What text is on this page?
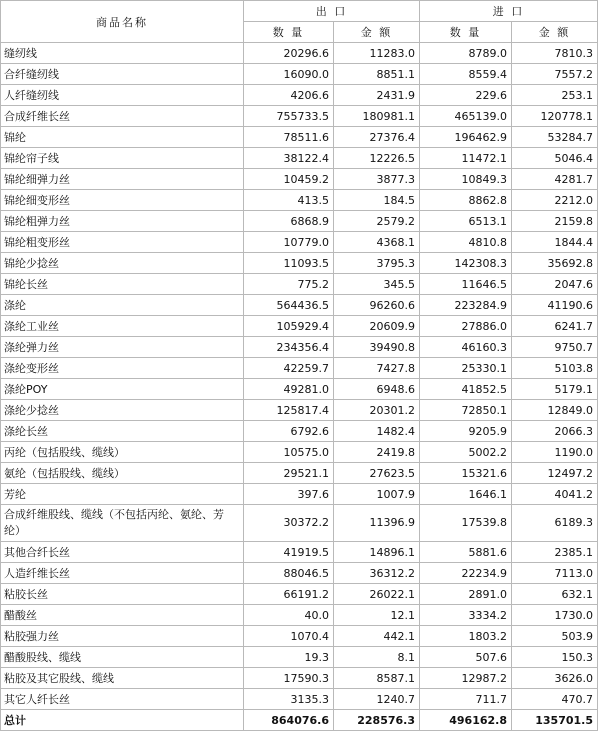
商品名称	出 口		进 口	
	数 量	金 额	数 量	金 额
缝纫线	20296.6	11283.0	8789.0	7810.3
合纤缝纫线	16090.0	8851.1	8559.4	7557.2
人纤缝纫线	4206.6	2431.9	229.6	253.1
合成纤维长丝	755733.5	180981.1	465139.0	120778.1
锦纶	78511.6	27376.4	196462.9	53284.7
锦纶帘子线	38122.4	12226.5	11472.1	5046.4
锦纶细弹力丝	10459.2	3877.3	10849.3	4281.7
锦纶细变形丝	413.5	184.5	8862.8	2212.0
锦纶粗弹力丝	6868.9	2579.2	6513.1	2159.8
锦纶粗变形丝	10779.0	4368.1	4810.8	1844.4
锦纶少捻丝	11093.5	3795.3	142308.3	35692.8
锦纶长丝	775.2	345.5	11646.5	2047.6
涤纶	564436.5	96260.6	223284.9	41190.6
涤纶工业丝	105929.4	20609.9	27886.0	6241.7
涤纶弹力丝	234356.4	39490.8	46160.3	9750.7
涤纶变形丝	42259.7	7427.8	25330.1	5103.8
涤纶POY	49281.0	6948.6	41852.5	5179.1
涤纶少捻丝	125817.4	20301.2	72850.1	12849.0
涤纶长丝	6792.6	1482.4	9205.9	2066.3
丙纶（包括股线、缆线）	10575.0	2419.8	5002.2	1190.0
氨纶（包括股线、缆线）	29521.1	27623.5	15321.6	12497.2
芳纶	397.6	1007.9	1646.1	4041.2
合成纤维股线、缆线（不包括丙纶、氨纶、芳纶）	30372.2	11396.9	17539.8	6189.3
其他合纤长丝	41919.5	14896.1	5881.6	2385.1
人造纤维长丝	88046.5	36312.2	22234.9	7113.0
粘胶长丝	66191.2	26022.1	2891.0	632.1
醋酸丝	40.0	12.1	3334.2	1730.0
粘胶强力丝	1070.4	442.1	1803.2	503.9
醋酸股线、缆线	19.3	8.1	507.6	150.3
粘胶及其它股线、缆线	17590.3	8587.1	12987.2	3626.0
其它人纤长丝	3135.3	1240.7	711.7	470.7
总计	864076.6	228576.3	496162.8	135701.5
